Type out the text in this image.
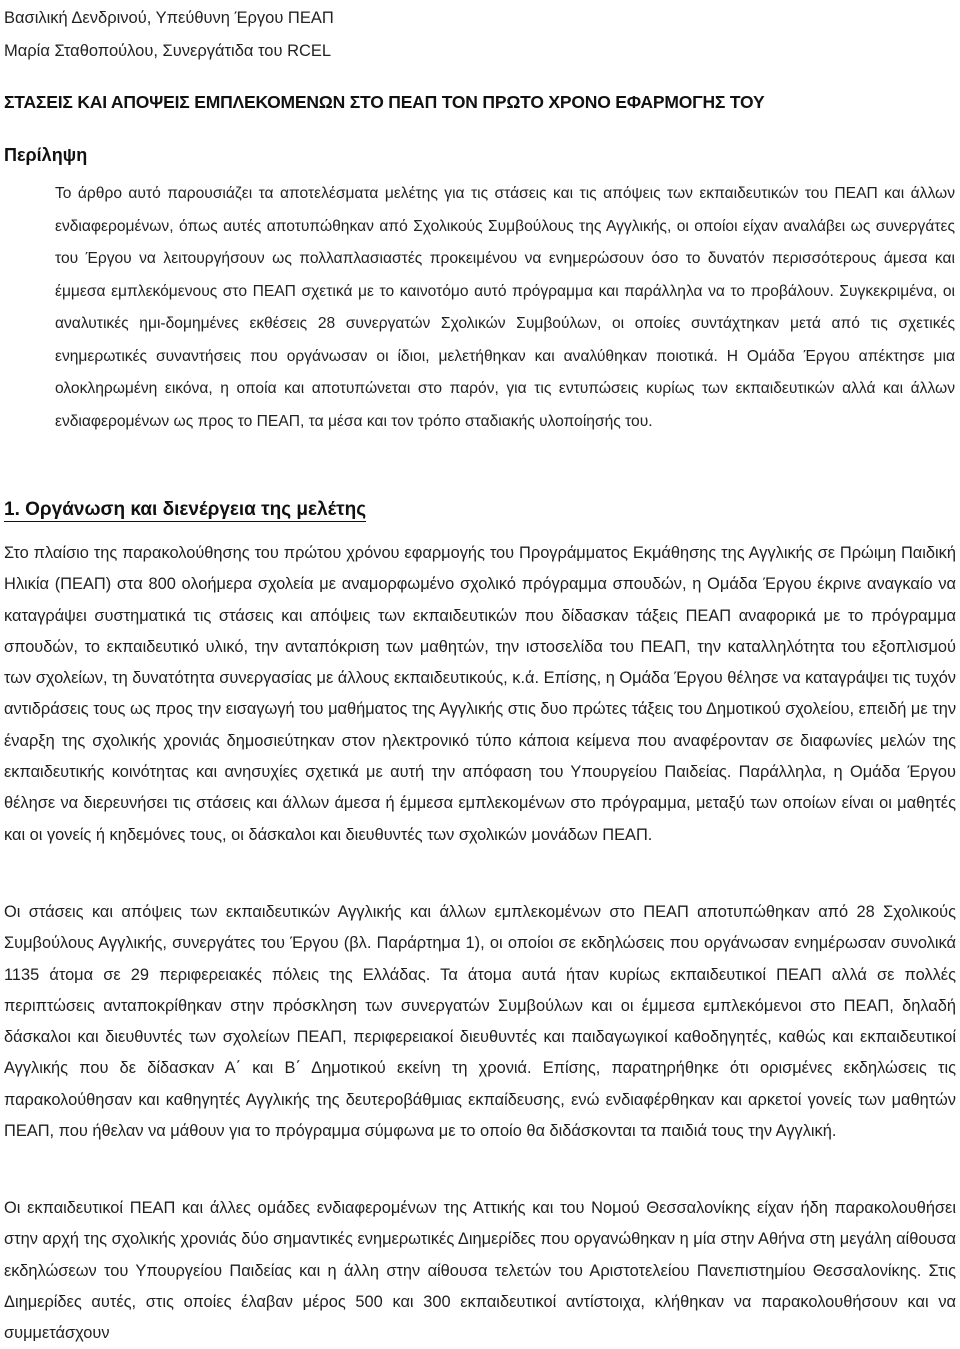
Βασιλική Δενδρινού, Υπεύθυνη Έργου ΠΕΑΠ
Μαρία Σταθοπούλου, Συνεργάτιδα του RCEL
ΣΤΑΣΕΙΣ ΚΑΙ ΑΠΟΨΕΙΣ ΕΜΠΛΕΚΟΜΕΝΩΝ ΣΤΟ ΠΕΑΠ ΤΟΝ ΠΡΩΤΟ ΧΡΟΝΟ ΕΦΑΡΜΟΓΗΣ ΤΟΥ
Περίληψη

Το άρθρο αυτό παρουσιάζει τα αποτελέσματα μελέτης για τις στάσεις και τις απόψεις των εκπαιδευτικών του ΠΕΑΠ και άλλων ενδιαφερομένων, όπως αυτές αποτυπώθηκαν από Σχολικούς Συμβούλους της Αγγλικής, οι οποίοι είχαν αναλάβει ως συνεργάτες του Έργου να λειτουργήσουν ως πολλαπλασιαστές προκειμένου να ενημερώσουν όσο το δυνατόν περισσότερους άμεσα και έμμεσα εμπλεκόμενους στο ΠΕΑΠ σχετικά με το καινοτόμο αυτό πρόγραμμα και παράλληλα να το προβάλουν. Συγκεκριμένα, οι αναλυτικές ημι-δομημένες εκθέσεις 28 συνεργατών Σχολικών Συμβούλων, οι οποίες συντάχτηκαν μετά από τις σχετικές ενημερωτικές συναντήσεις που οργάνωσαν οι ίδιοι, μελετήθηκαν και αναλύθηκαν ποιοτικά. Η Ομάδα Έργου απέκτησε μια ολοκληρωμένη εικόνα, η οποία και αποτυπώνεται στο παρόν, για τις εντυπώσεις κυρίως των εκπαιδευτικών αλλά και άλλων ενδιαφερομένων ως προς το ΠΕΑΠ, τα μέσα και τον τρόπο σταδιακής υλοποίησής του.

1. Οργάνωση και διενέργεια της μελέτης

Στο πλαίσιο της παρακολούθησης του πρώτου χρόνου εφαρμογής του Προγράμματος Εκμάθησης της Αγγλικής σε Πρώιμη Παιδική Ηλικία (ΠΕΑΠ) στα 800 ολοήμερα σχολεία με αναμορφωμένο σχολικό πρόγραμμα σπουδών, η Ομάδα Έργου έκρινε αναγκαίο να καταγράψει συστηματικά τις στάσεις και απόψεις των εκπαιδευτικών που δίδασκαν τάξεις ΠΕΑΠ αναφορικά με το πρόγραμμα σπουδών, το εκπαιδευτικό υλικό, την ανταπόκριση των μαθητών, την ιστοσελίδα του ΠΕΑΠ, την καταλληλότητα του εξοπλισμού των σχολείων, τη δυνατότητα συνεργασίας με άλλους εκπαιδευτικούς, κ.ά. Επίσης, η Ομάδα Έργου θέλησε να καταγράψει τις τυχόν αντιδράσεις τους ως προς την εισαγωγή του μαθήματος της Αγγλικής στις δυο πρώτες τάξεις του Δημοτικού σχολείου, επειδή με την έναρξη της σχολικής χρονιάς δημοσιεύτηκαν στον ηλεκτρονικό τύπο κάποια κείμενα που αναφέρονταν σε διαφωνίες μελών της εκπαιδευτικής κοινότητας και ανησυχίες σχετικά με αυτή την απόφαση του Υπουργείου Παιδείας. Παράλληλα, η Ομάδα Έργου θέλησε να διερευνήσει τις στάσεις και άλλων άμεσα ή έμμεσα εμπλεκομένων στο πρόγραμμα, μεταξύ των οποίων είναι οι μαθητές και οι γονείς ή κηδεμόνες τους, οι δάσκαλοι και διευθυντές των σχολικών μονάδων ΠΕΑΠ.

Οι στάσεις και απόψεις των εκπαιδευτικών Αγγλικής και άλλων εμπλεκομένων στο ΠΕΑΠ αποτυπώθηκαν από 28 Σχολικούς Συμβούλους Αγγλικής, συνεργάτες του Έργου (βλ. Παράρτημα 1), οι οποίοι σε εκδηλώσεις που οργάνωσαν ενημέρωσαν συνολικά 1135 άτομα σε 29 περιφερειακές πόλεις της Ελλάδας. Τα άτομα αυτά ήταν κυρίως εκπαιδευτικοί ΠΕΑΠ αλλά σε πολλές περιπτώσεις ανταποκρίθηκαν στην πρόσκληση των συνεργατών Συμβούλων και οι έμμεσα εμπλεκόμενοι στο ΠΕΑΠ, δηλαδή δάσκαλοι και διευθυντές των σχολείων ΠΕΑΠ, περιφερειακοί διευθυντές και παιδαγωγικοί καθοδηγητές, καθώς και εκπαιδευτικοί Αγγλικής που δε δίδασκαν Α΄ και Β΄ Δημοτικού εκείνη τη χρονιά. Επίσης, παρατηρήθηκε ότι ορισμένες εκδηλώσεις τις παρακολούθησαν και καθηγητές Αγγλικής της δευτεροβάθμιας εκπαίδευσης, ενώ ενδιαφέρθηκαν και αρκετοί γονείς των μαθητών ΠΕΑΠ, που ήθελαν να μάθουν για το πρόγραμμα σύμφωνα με το οποίο θα διδάσκονται τα παιδιά τους την Αγγλική.

Οι εκπαιδευτικοί ΠΕΑΠ και άλλες ομάδες ενδιαφερομένων της Αττικής και του Νομού Θεσσαλονίκης είχαν ήδη παρακολουθήσει στην αρχή της σχολικής χρονιάς δύο σημαντικές ενημερωτικές Διημερίδες που οργανώθηκαν η μία στην Αθήνα στη μεγάλη αίθουσα εκδηλώσεων του Υπουργείου Παιδείας και η άλλη στην αίθουσα τελετών του Αριστοτελείου Πανεπιστημίου Θεσσαλονίκης. Στις Διημερίδες αυτές, στις οποίες έλαβαν μέρος 500 και 300 εκπαιδευτικοί αντίστοιχα, κλήθηκαν να παρακολουθήσουν και να συμμετάσχουν
